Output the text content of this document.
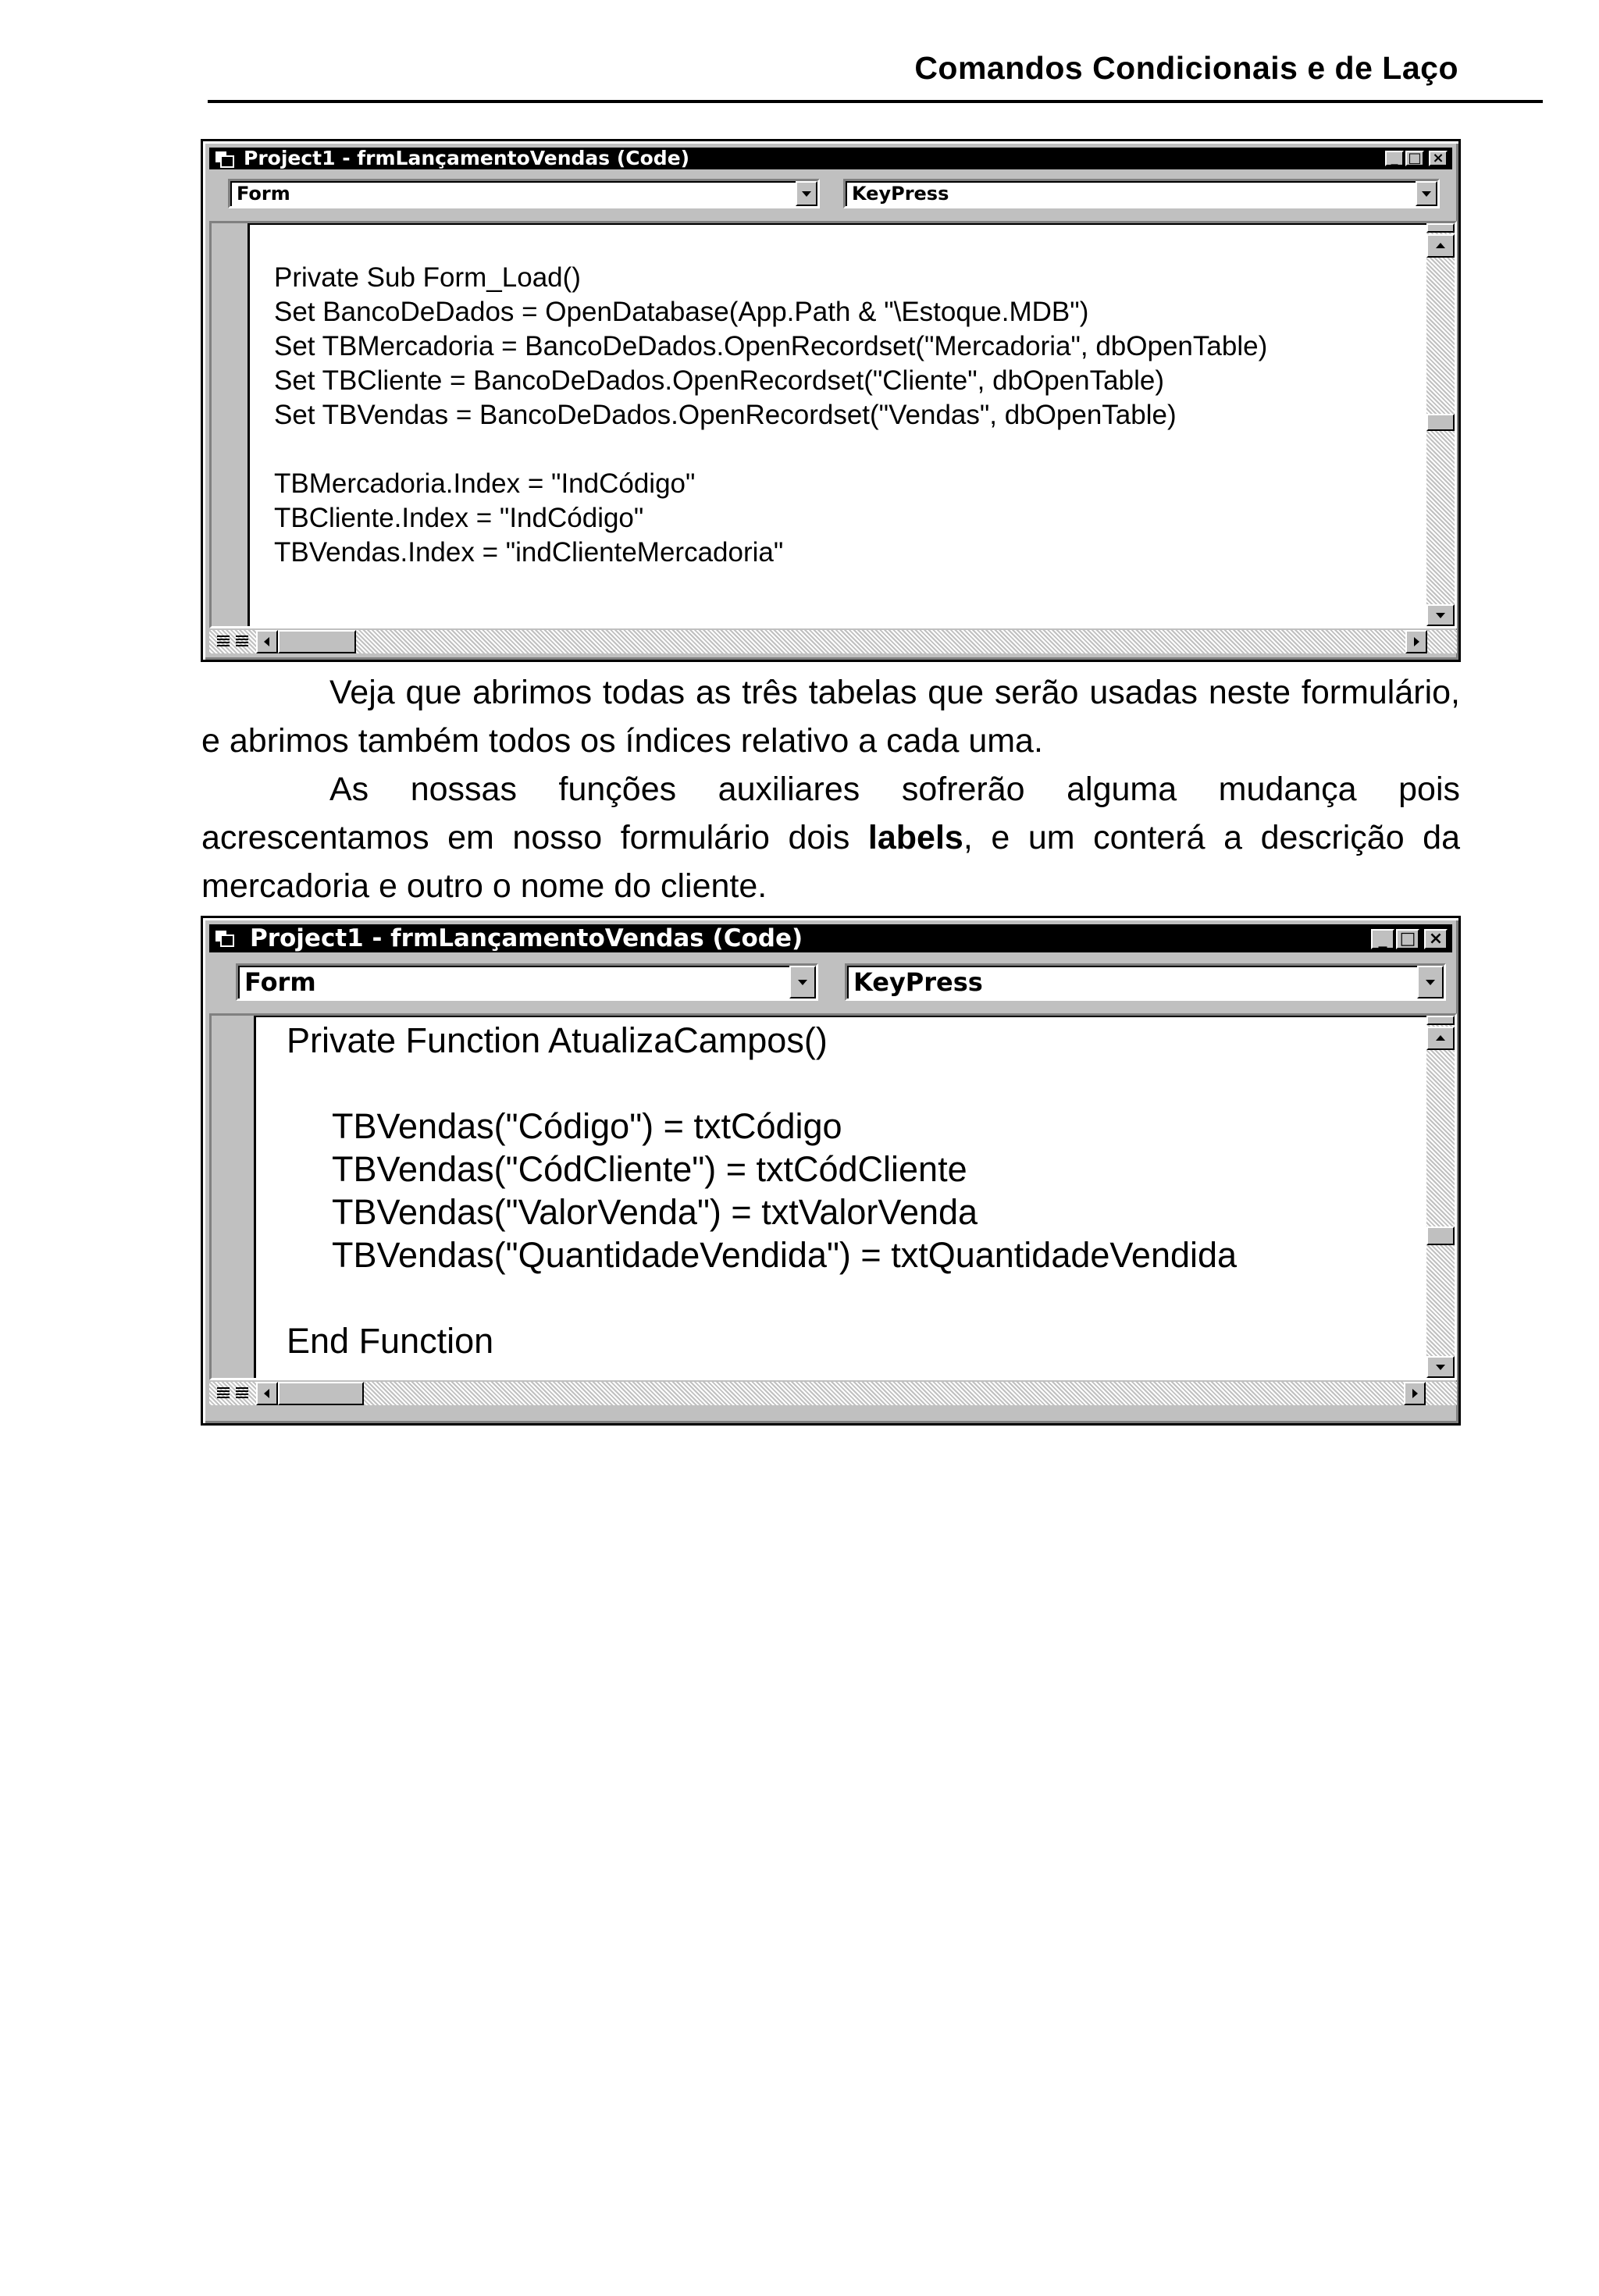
Comandos Condicionais e de Laço
Project1 - frmLançamentoVendas (Code)	_ □ ×
Form	KeyPress
Private Sub Form_Load()
Set BancoDeDados = OpenDatabase(App.Path & "\Estoque.MDB")
Set TBMercadoria = BancoDeDados.OpenRecordset("Mercadoria", dbOpenTable)
Set TBCliente = BancoDeDados.OpenRecordset("Cliente", dbOpenTable)
Set TBVendas = BancoDeDados.OpenRecordset("Vendas", dbOpenTable)
TBMercadoria.Index = "IndCódigo"
TBCliente.Index = "IndCódigo"
TBVendas.Index = "indClienteMercadoria"
Veja que abrimos todas as três tabelas que serão usadas neste formulário, e abrimos também todos os índices relativo a cada uma.
As nossas funções auxiliares sofrerão alguma mudança pois acrescentamos em nosso formulário dois labels, e um conterá a descrição da mercadoria e outro o nome do cliente.
Project1 - frmLançamentoVendas (Code)	_ □ ×
Form	KeyPress
Private Function AtualizaCampos()
TBVendas("Código") = txtCódigo
TBVendas("CódCliente") = txtCódCliente
TBVendas("ValorVenda") = txtValorVenda
TBVendas("QuantidadeVendida") = txtQuantidadeVendida
End Function
